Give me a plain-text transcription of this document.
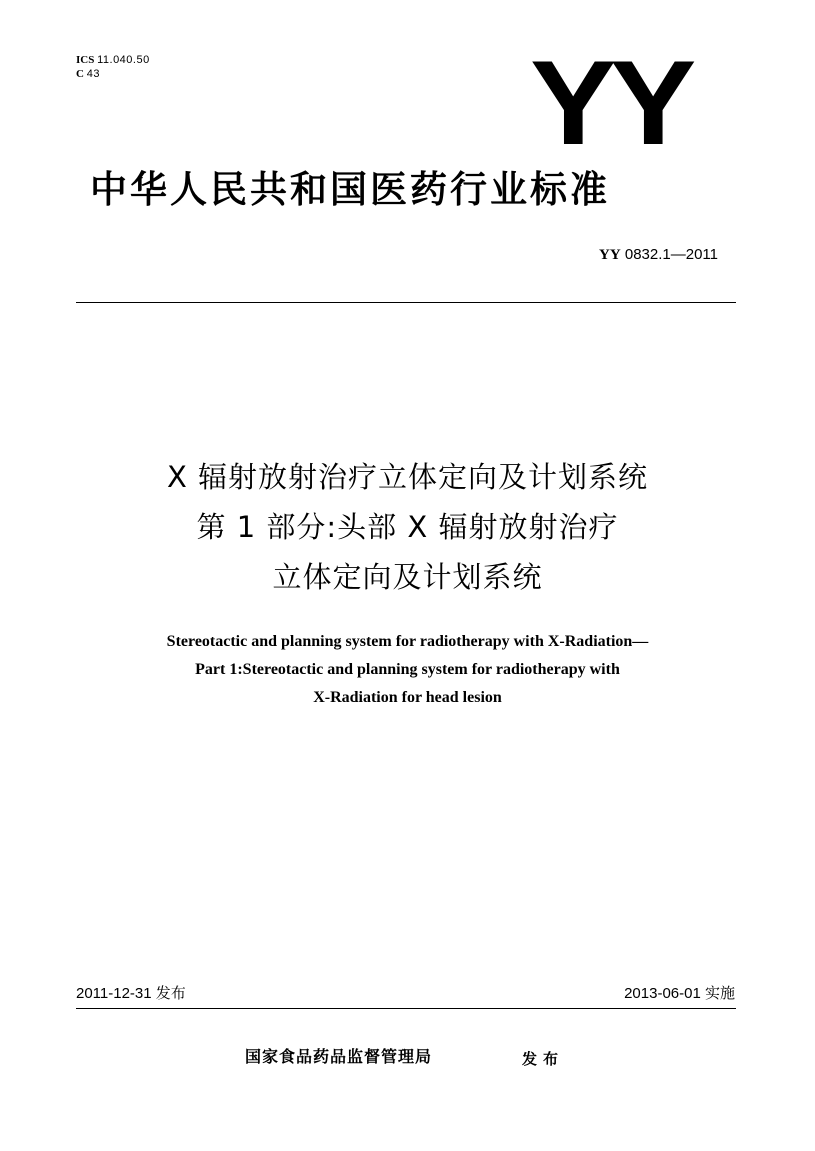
ICS 11.040.50
C 43	YY
中华人民共和国医药行业标准
YY 0832.1—2011
X 辐射放射治疗立体定向及计划系统
第 1 部分:头部 X 辐射放射治疗
立体定向及计划系统
Stereotactic and planning system for radiotherapy with X-Radiation—
Part 1:Stereotactic and planning system for radiotherapy with
X-Radiation for head lesion
2011-12-31 发布	2013-06-01 实施
国家食品药品监督管理局	发布
